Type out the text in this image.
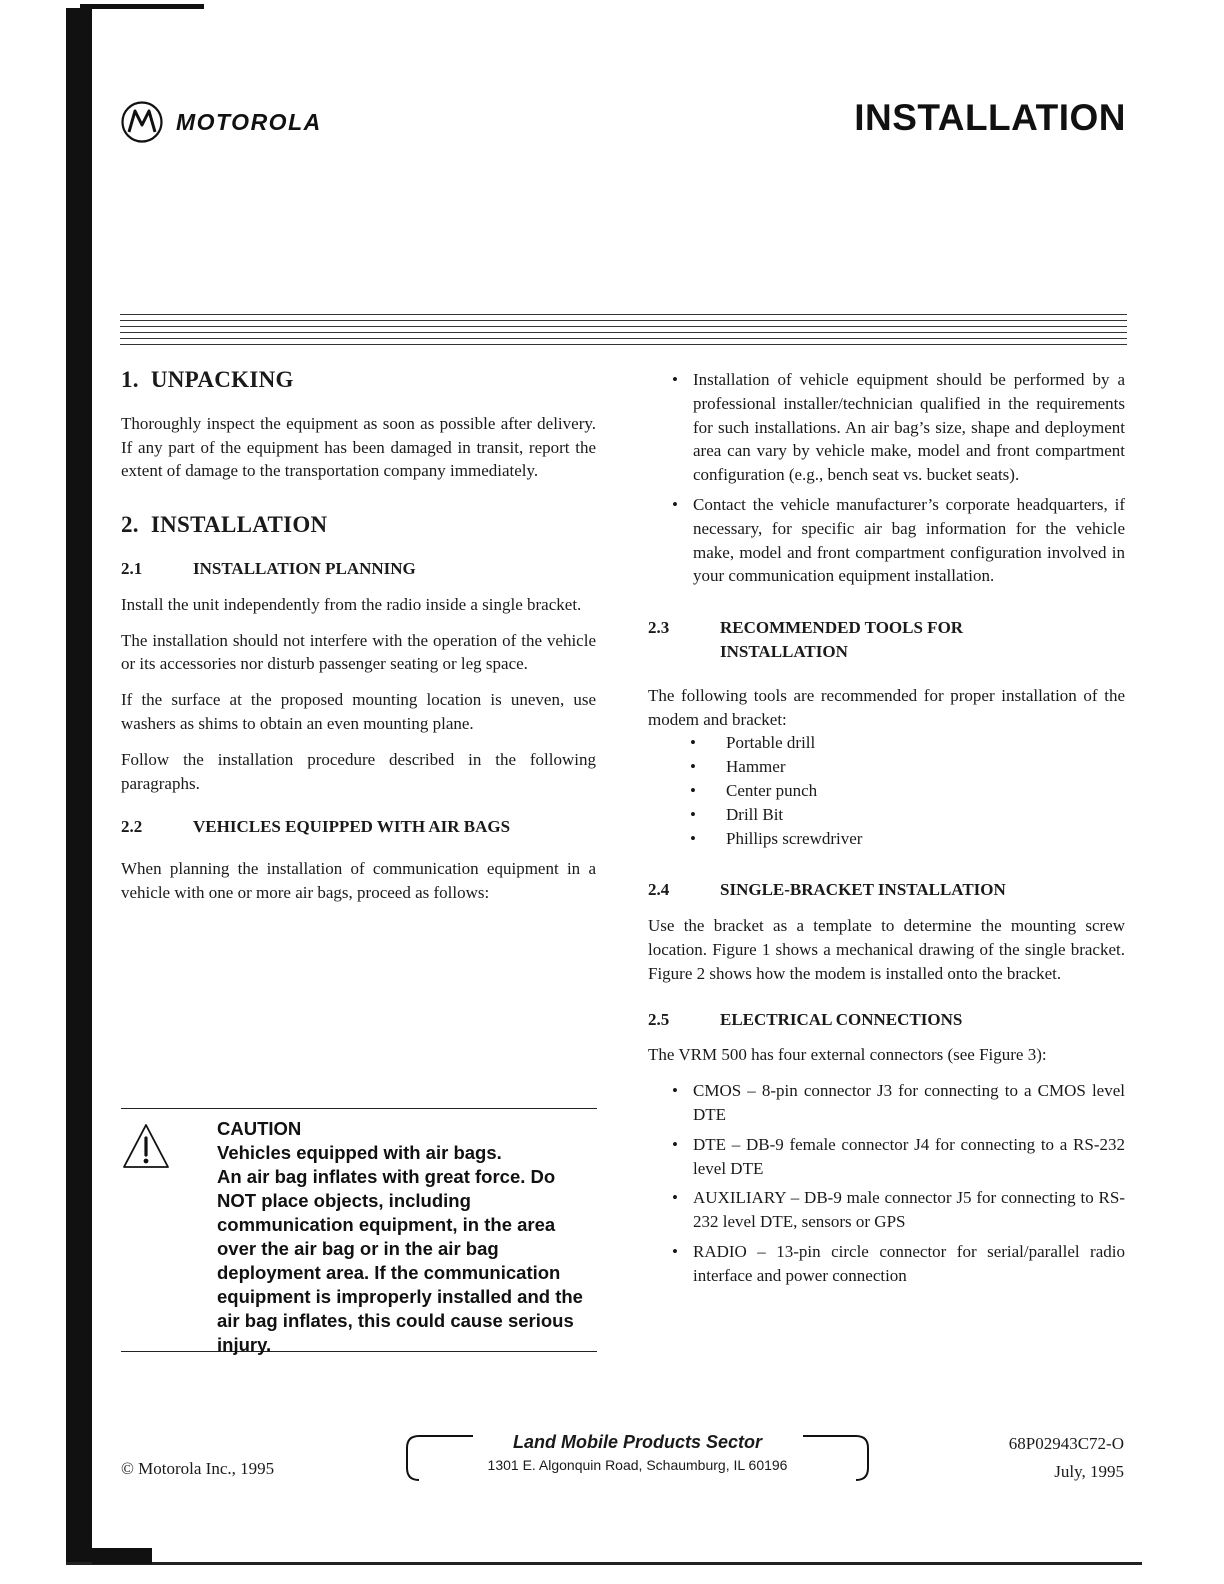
MOTOROLA	INSTALLATION
1. UNPACKING

Thoroughly inspect the equipment as soon as possible after delivery. If any part of the equipment has been damaged in transit, report the extent of damage to the transportation company immediately.

2. INSTALLATION
2.1	INSTALLATION PLANNING

Install the unit independently from the radio inside a single bracket.

The installation should not interfere with the operation of the vehicle or its accessories nor disturb passenger seating or leg space.

If the surface at the proposed mounting location is uneven, use washers as shims to obtain an even mounting plane.

Follow the installation procedure described in the following paragraphs.

2.2	VEHICLES EQUIPPED WITH AIR BAGS

When planning the installation of communication equipment in a vehicle with one or more air bags, proceed as follows:

CAUTION
Vehicles equipped with air bags.
An air bag inflates with great force. Do NOT place objects, including communication equipment, in the area over the air bag or in the air bag deployment area. If the communication equipment is improperly installed and the air bag inflates, this could cause serious injury.
• Installation of vehicle equipment should be performed by a professional installer/technician qualified in the requirements for such installations. An air bag’s size, shape and deployment area can vary by vehicle make, model and front compartment configuration (e.g., bench seat vs. bucket seats).
• Contact the vehicle manufacturer’s corporate headquarters, if necessary, for specific air bag information for the vehicle make, model and front compartment configuration involved in your communication equipment installation.
2.3	RECOMMENDED TOOLS FOR
INSTALLATION

The following tools are recommended for proper installation of the modem and bracket:

• Portable drill
• Hammer
• Center punch
• Drill Bit
• Phillips screwdriver
2.4	SINGLE-BRACKET INSTALLATION

Use the bracket as a template to determine the mounting screw location. Figure 1 shows a mechanical drawing of the single bracket. Figure 2 shows how the modem is installed onto the bracket.

2.5	ELECTRICAL CONNECTIONS

The VRM 500 has four external connectors (see Figure 3):

• CMOS – 8-pin connector J3 for connecting to a CMOS level DTE
• DTE – DB-9 female connector J4 for connecting to a RS-232 level DTE
• AUXILIARY – DB-9 male connector J5 for connecting to RS-232 level DTE, sensors or GPS
• RADIO – 13-pin circle connector for serial/parallel radio interface and power connection
© Motorola Inc., 1995
Land Mobile Products Sector
1301 E. Algonquin Road, Schaumburg, IL 60196
68P02943C72-O
July, 1995
